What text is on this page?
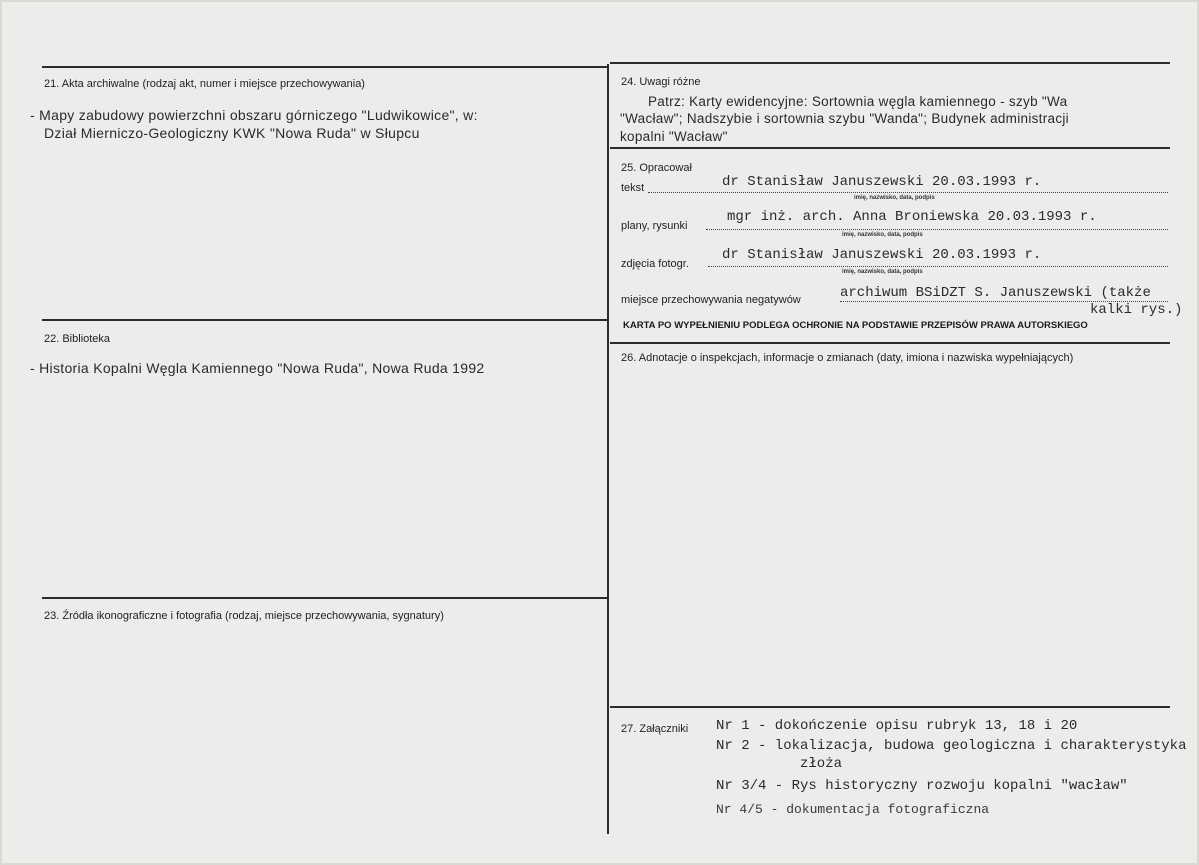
21. Akta archiwalne (rodzaj akt, numer i miejsce przechowywania)
- Mapy zabudowy powierzchni obszaru górniczego "Ludwikowice", w:
Dział Mierniczo-Geologiczny KWK "Nowa Ruda" w Słupcu
22. Biblioteka
- Historia Kopalni Węgla Kamiennego "Nowa Ruda", Nowa Ruda 1992
23. Źródła ikonograficzne i fotografia (rodzaj, miejsce przechowywania, sygnatury)
24. Uwagi różne
Patrz: Karty ewidencyjne: Sortownia węgla kamiennego - szyb "Wa
"Wacław"; Nadszybie i sortownia szybu "Wanda"; Budynek administracji
kopalni "Wacław"
25. Opracował
tekst	dr Stanisław Januszewski 20.03.1993 r.
imię, nazwisko, data, podpis
plany, rysunki
mgr inż. arch. Anna Broniewska 20.03.1993 r.
imię, nazwisko, data, podpis
zdjęcia fotogr.
dr Stanisław Januszewski 20.03.1993 r.
imię, nazwisko, data, podpis
miejsce przechowywania negatywów	archiwum BSiDZT S. Januszewski (także
kalki rys.)
KARTA PO WYPEŁNIENIU PODLEGA OCHRONIE NA PODSTAWIE PRZEPISÓW PRAWA AUTORSKIEGO
26. Adnotacje o inspekcjach, informacje o zmianach (daty, imiona i nazwiska wypełniających)
27. Załączniki Nr 1 - dokończenie opisu rubryk 13, 18 i 20
Nr 2 - lokalizacja, budowa geologiczna i charakterystyka
złoża
Nr 3/4 - Rys historyczny rozwoju kopalni "wacław"
Nr 4/5 - dokumentacja fotograficzna
